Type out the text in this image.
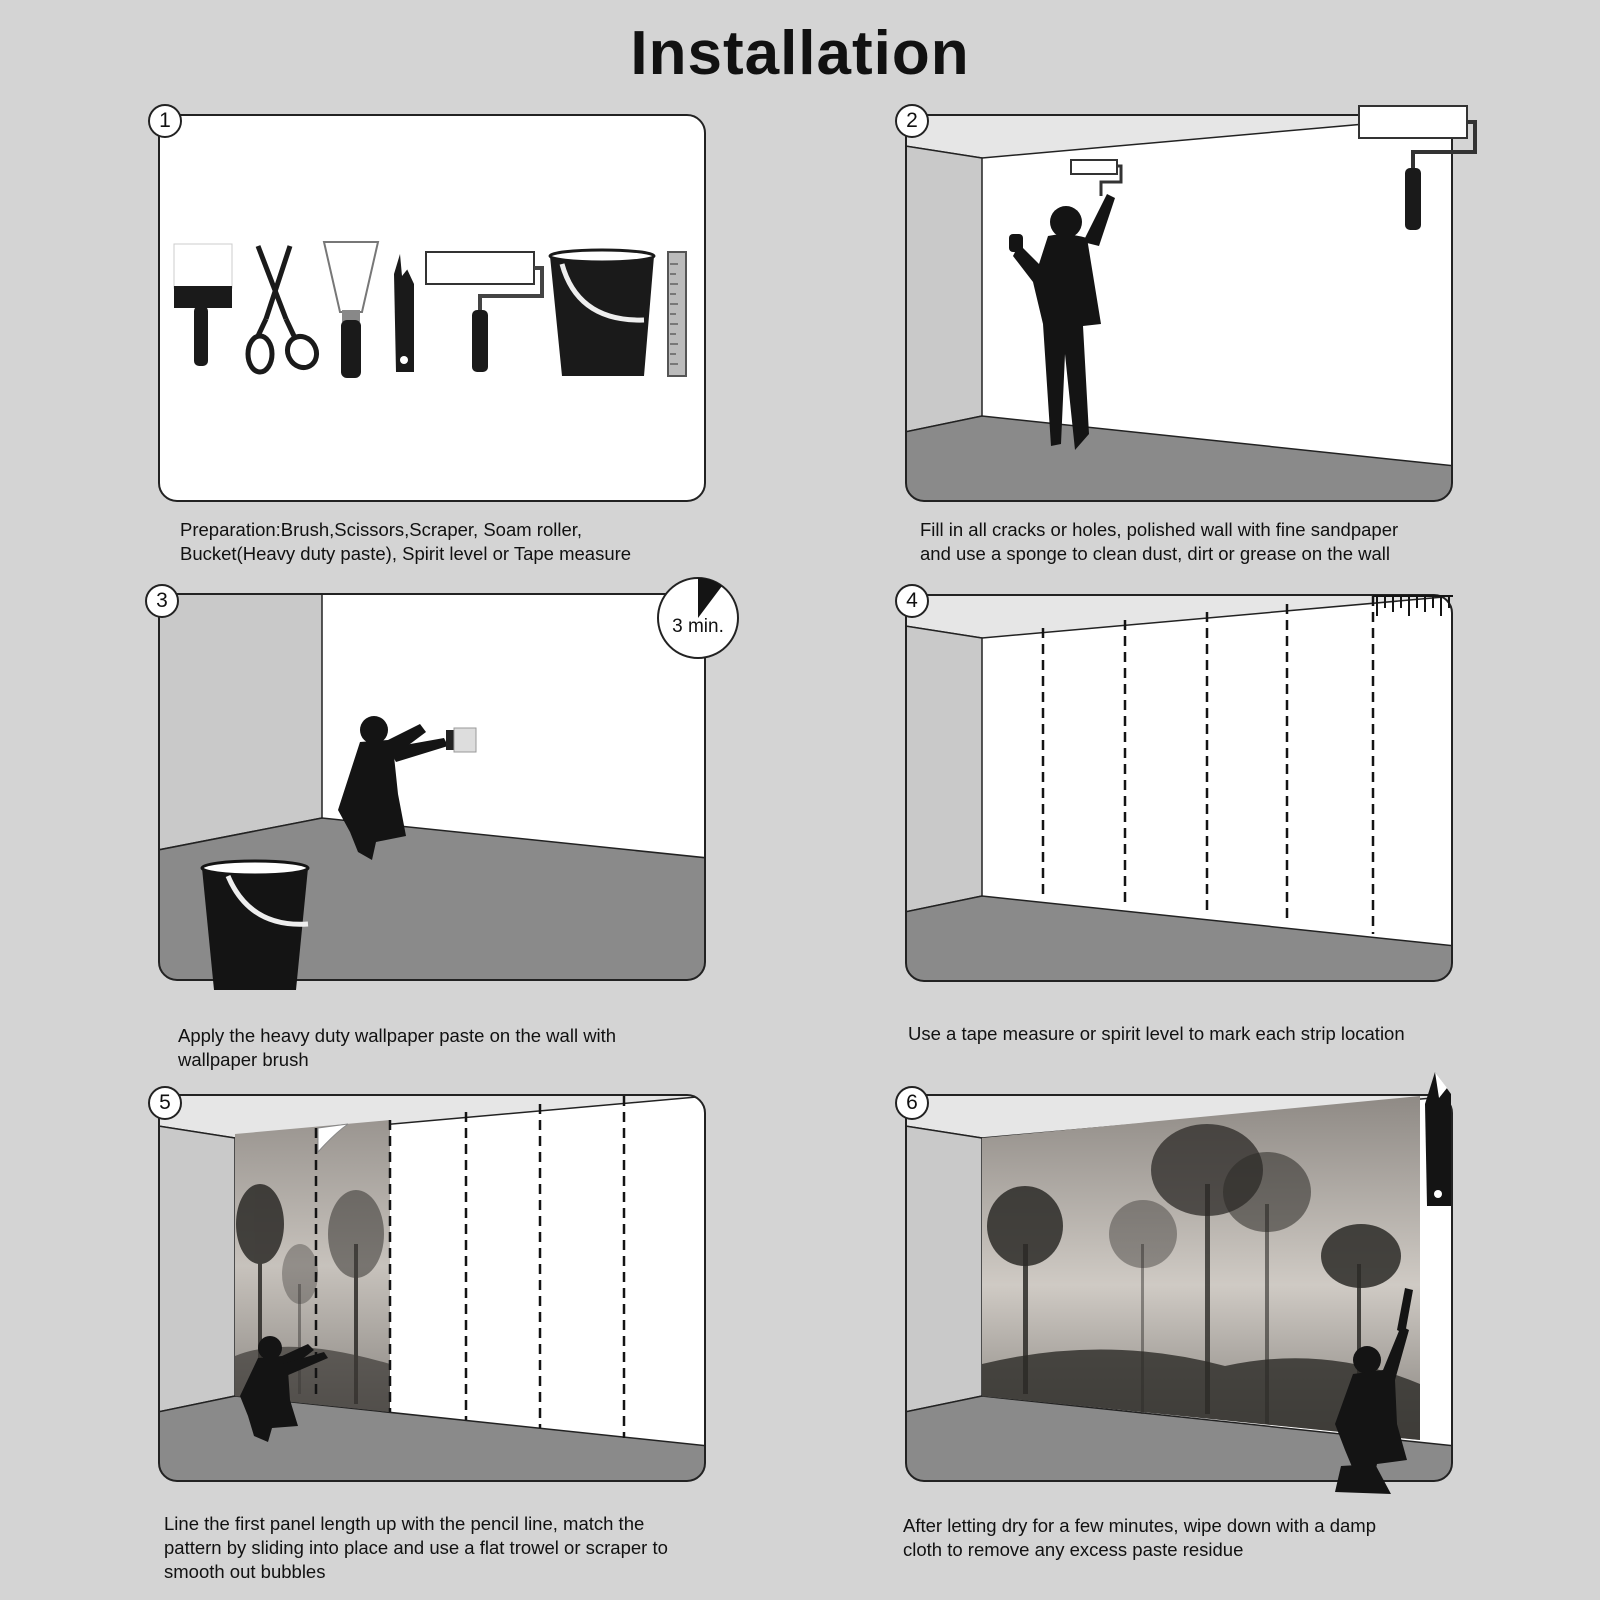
Installation
1
Preparation:Brush,Scissors,Scraper, Soam roller,
Bucket(Heavy duty paste), Spirit level or Tape measure
2
Fill in all cracks or holes, polished wall with fine sandpaper
and use a sponge to clean dust, dirt or grease on the wall
3 min.
3
Apply the heavy duty wallpaper paste on the wall with
wallpaper brush
4
Use a tape measure or spirit level to mark each strip location
5
Line the first panel length up with the pencil line, match the
pattern by sliding into place and use a flat trowel or scraper to
smooth out bubbles
6
After letting dry for a few minutes, wipe down with a damp
cloth to remove any excess paste residue
